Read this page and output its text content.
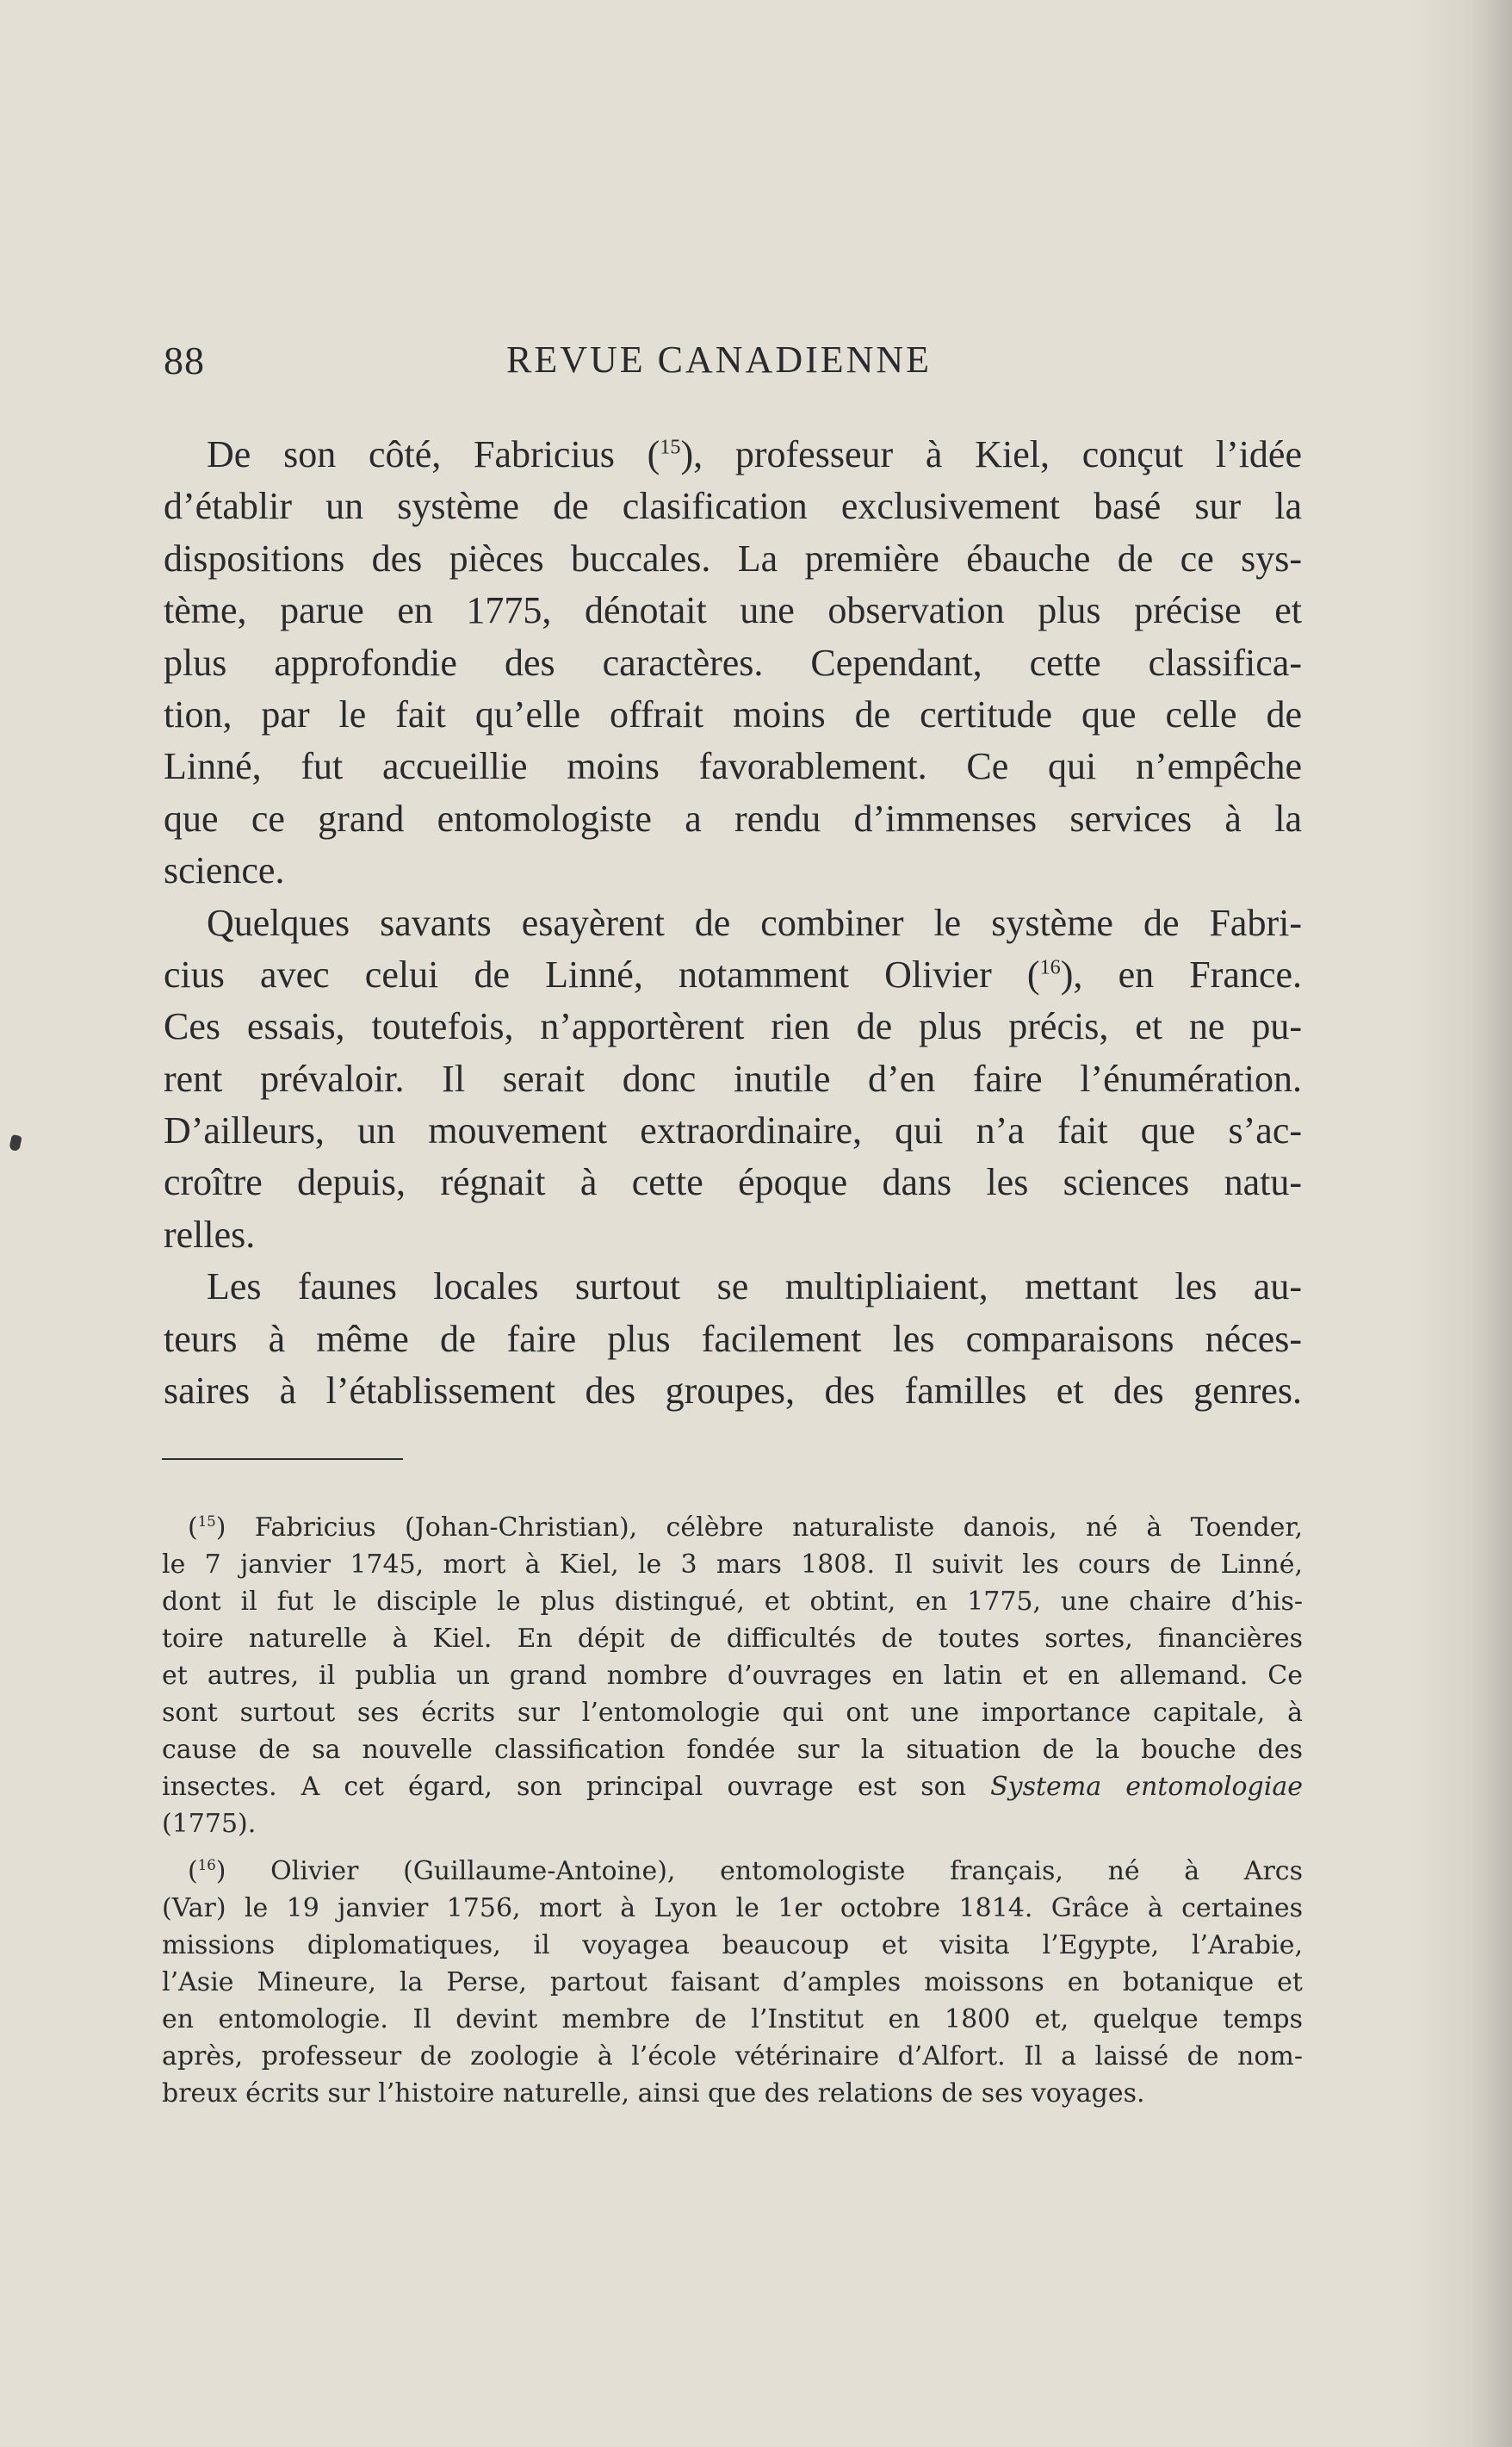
88	REVUE CANADIENNE
De son côté, Fabricius ($^{15}$), professeur à Kiel, conçut l’idée
d’établir un système de clasification exclusivement basé sur la
dispositions des pièces buccales. La première ébauche de ce sys-
tème, parue en 1775, dénotait une observation plus précise et
plus approfondie des caractères. Cependant, cette classifica-
tion, par le fait qu’elle offrait moins de certitude que celle de
Linné, fut accueillie moins favorablement. Ce qui n’empêche
que ce grand entomologiste a rendu d’immenses services à la
science.
Quelques savants esayèrent de combiner le système de Fabri-
cius avec celui de Linné, notamment Olivier ($^{16}$), en France.
Ces essais, toutefois, n’apportèrent rien de plus précis, et ne pu-
rent prévaloir. Il serait donc inutile d’en faire l’énumération.
D’ailleurs, un mouvement extraordinaire, qui n’a fait que s’ac-
croître depuis, régnait à cette époque dans les sciences natu-
relles.
Les faunes locales surtout se multipliaient, mettant les au-
teurs à même de faire plus facilement les comparaisons néces-
saires à l’établissement des groupes, des familles et des genres.
($^{15}$) Fabricius (Johan-Christian), célèbre naturaliste danois, né à Toender,
le 7 janvier 1745, mort à Kiel, le 3 mars 1808. Il suivit les cours de Linné,
dont il fut le disciple le plus distingué, et obtint, en 1775, une chaire d’his-
toire naturelle à Kiel. En dépit de difficultés de toutes sortes, financières
et autres, il publia un grand nombre d’ouvrages en latin et en allemand. Ce
sont surtout ses écrits sur l’entomologie qui ont une importance capitale, à
cause de sa nouvelle classification fondée sur la situation de la bouche des
insectes. A cet égard, son principal ouvrage est son Systema entomologiae
(1775).
($^{16}$) Olivier (Guillaume-Antoine), entomologiste français, né à Arcs
(Var) le 19 janvier 1756, mort à Lyon le 1er octobre 1814. Grâce à certaines
missions diplomatiques, il voyagea beaucoup et visita l’Egypte, l’Arabie,
l’Asie Mineure, la Perse, partout faisant d’amples moissons en botanique et
en entomologie. Il devint membre de l’Institut en 1800 et, quelque temps
après, professeur de zoologie à l’école vétérinaire d’Alfort. Il a laissé de nom-
breux écrits sur l’histoire naturelle, ainsi que des relations de ses voyages.
